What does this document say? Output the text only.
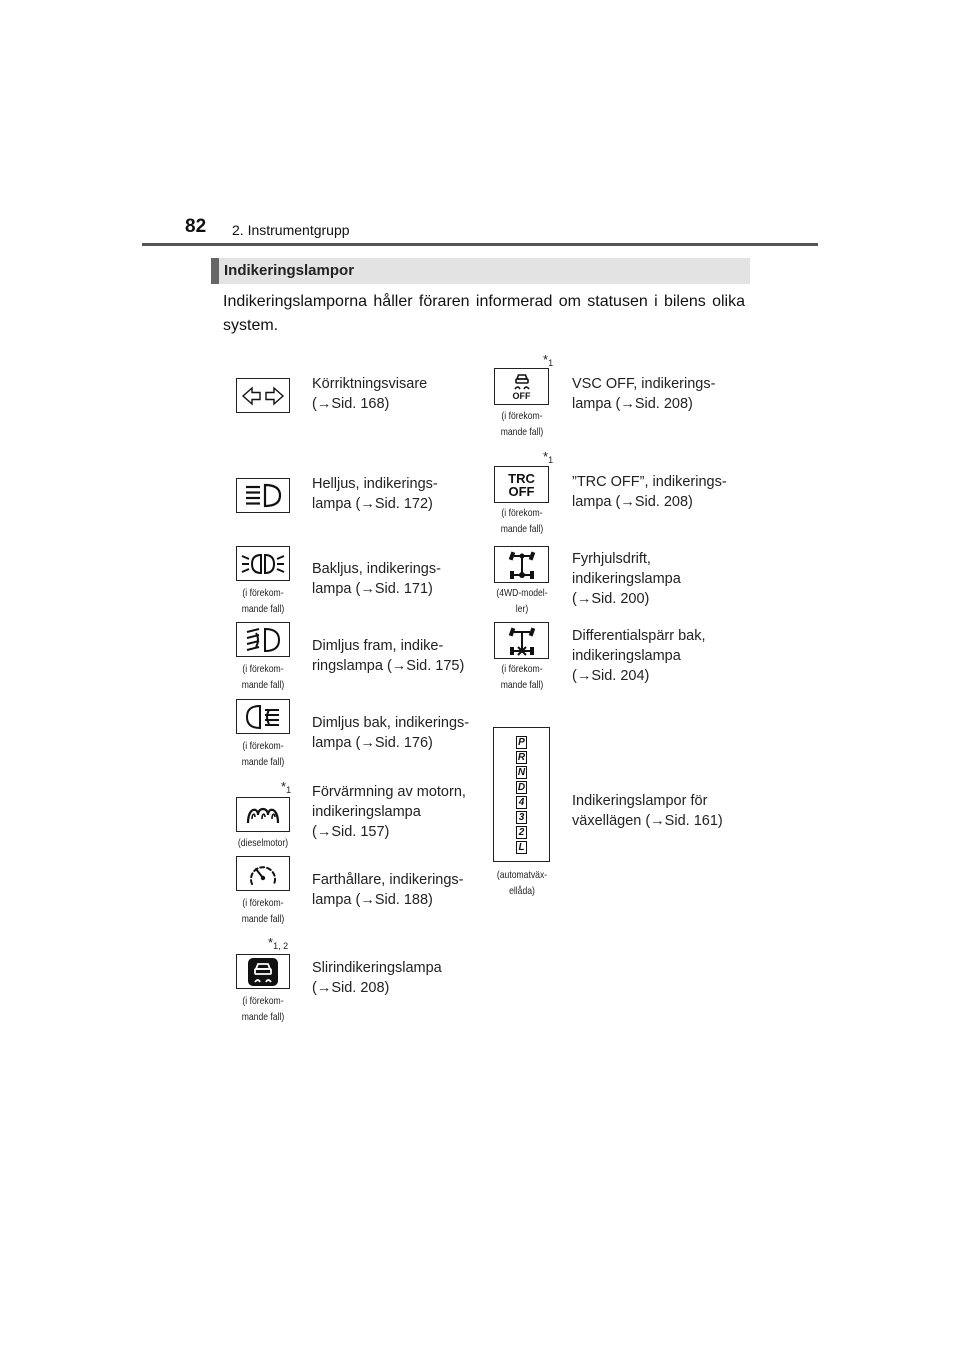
82 2. Instrumentgrupp
Indikeringslampor
Indikeringslamporna håller föraren informerad om statusen i bilens olika system.
Körriktningsvisare
(→Sid. 168)
Helljus, indikerings-
lampa (→Sid. 172)
(i förekom-
mande fall)
Bakljus, indikerings-
lampa (→Sid. 171)
(i förekom-
mande fall)
Dimljus fram, indike-
ringslampa (→Sid. 175)
(i förekom-
mande fall)
Dimljus bak, indikerings-
lampa (→Sid. 176)
$*_1$
(dieselmotor)
Förvärmning av motorn,
indikeringslampa
(→Sid. 157)
(i förekom-
mande fall)
Farthållare, indikerings-
lampa (→Sid. 188)
$*_{1, 2}$
(i förekom-
mande fall)
Slirindikeringslampa
(→Sid. 208)
$*_1$
OFF
(i förekom-
mande fall)
VSC OFF, indikerings-
lampa (→Sid. 208)
$*_1$
TRC
OFF
(i förekom-
mande fall)
”TRC OFF”, indikerings-
lampa (→Sid. 208)
(4WD-model-
ler)
Fyrhjulsdrift,
indikeringslampa
(→Sid. 200)
(i förekom-
mande fall)
Differentialspärr bak,
indikeringslampa
(→Sid. 204)
P
R
N
D
4
3
2
L
(automatväx-
ellåda)
Indikeringslampor för
växellägen (→Sid. 161)
